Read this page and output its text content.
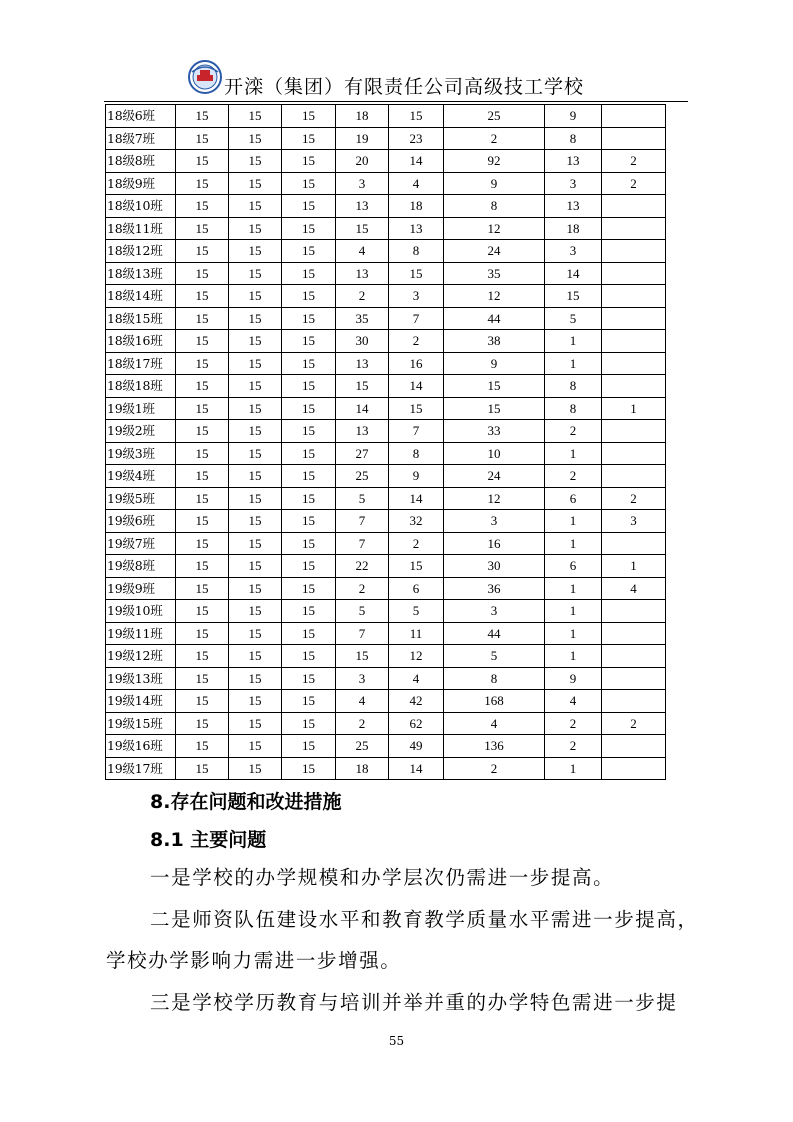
开滦（集团）有限责任公司高级技工学校
18级6班	15	15	15	18	15	25	9	
18级7班	15	15	15	19	23	2	8	
18级8班	15	15	15	20	14	92	13	2
18级9班	15	15	15	3	4	9	3	2
18级10班	15	15	15	13	18	8	13	
18级11班	15	15	15	15	13	12	18	
18级12班	15	15	15	4	8	24	3	
18级13班	15	15	15	13	15	35	14	
18级14班	15	15	15	2	3	12	15	
18级15班	15	15	15	35	7	44	5	
18级16班	15	15	15	30	2	38	1	
18级17班	15	15	15	13	16	9	1	
18级18班	15	15	15	15	14	15	8	
19级1班	15	15	15	14	15	15	8	1
19级2班	15	15	15	13	7	33	2	
19级3班	15	15	15	27	8	10	1	
19级4班	15	15	15	25	9	24	2	
19级5班	15	15	15	5	14	12	6	2
19级6班	15	15	15	7	32	3	1	3
19级7班	15	15	15	7	2	16	1	
19级8班	15	15	15	22	15	30	6	1
19级9班	15	15	15	2	6	36	1	4
19级10班	15	15	15	5	5	3	1	
19级11班	15	15	15	7	11	44	1	
19级12班	15	15	15	15	12	5	1	
19级13班	15	15	15	3	4	8	9	
19级14班	15	15	15	4	42	168	4	
19级15班	15	15	15	2	62	4	2	2
19级16班	15	15	15	25	49	136	2	
19级17班	15	15	15	18	14	2	1	
8.存在问题和改进措施
8.1 主要问题
一是学校的办学规模和办学层次仍需进一步提高。
二是师资队伍建设水平和教育教学质量水平需进一步提高，
学校办学影响力需进一步增强。
三是学校学历教育与培训并举并重的办学特色需进一步提
55
